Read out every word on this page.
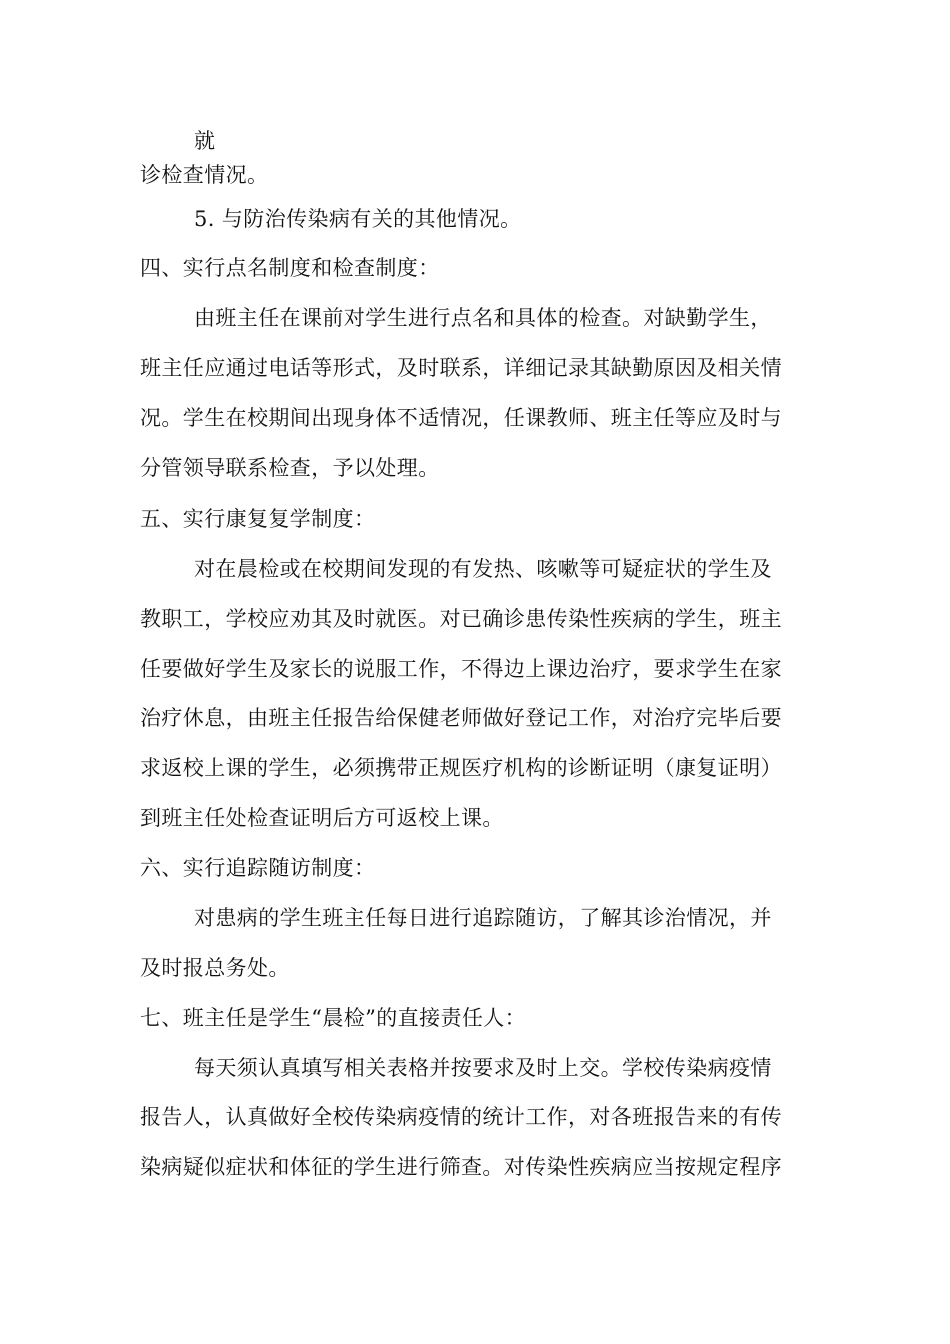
就
诊检查情况。
5. 与防治传染病有关的其他情况。
四、实行点名制度和检查制度：
由班主任在课前对学生进行点名和具体的检查。对缺勤学生，
班主任应通过电话等形式，及时联系，详细记录其缺勤原因及相关情
况。学生在校期间出现身体不适情况，任课教师、班主任等应及时与
分管领导联系检查，予以处理。
五、实行康复复学制度：
对在晨检或在校期间发现的有发热、咳嗽等可疑症状的学生及
教职工，学校应劝其及时就医。对已确诊患传染性疾病的学生，班主
任要做好学生及家长的说服工作，不得边上课边治疗，要求学生在家
治疗休息，由班主任报告给保健老师做好登记工作，对治疗完毕后要
求返校上课的学生，必须携带正规医疗机构的诊断证明（康复证明）
到班主任处检查证明后方可返校上课。
六、实行追踪随访制度：
对患病的学生班主任每日进行追踪随访，了解其诊治情况，并
及时报总务处。
七、班主任是学生“晨检”的直接责任人：
每天须认真填写相关表格并按要求及时上交。学校传染病疫情
报告人，认真做好全校传染病疫情的统计工作，对各班报告来的有传
染病疑似症状和体征的学生进行筛查。对传染性疾病应当按规定程序
